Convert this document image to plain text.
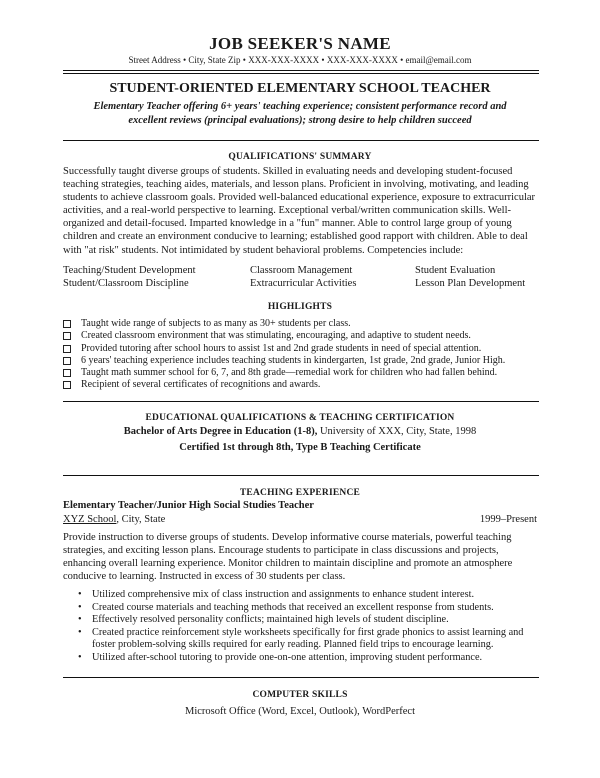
JOB SEEKER'S NAME
Street Address • City, State Zip • XXX-XXX-XXXX • XXX-XXX-XXXX • email@email.com
STUDENT-ORIENTED ELEMENTARY SCHOOL TEACHER
Elementary Teacher offering 6+ years' teaching experience; consistent performance record and excellent reviews (principal evaluations); strong desire to help children succeed
QUALIFICATIONS' SUMMARY

Successfully taught diverse groups of students. Skilled in evaluating needs and developing student-focused teaching strategies, teaching aides, materials, and lesson plans. Proficient in involving, motivating, and leading students to achieve classroom goals. Provided well-balanced educational experience, exposure to extracurricular activities, and a real-world perspective to learning. Exceptional verbal/written communication skills. Well-organized and detail-focused. Imparted knowledge in a "fun" manner. Able to control large group of young children and create an environment conducive to learning; established good rapport with children. Able to deal with "at risk" students. Not intimidated by student behavioral problems. Competencies include:

Teaching/Student Development	Classroom Management	Student Evaluation
Student/Classroom Discipline	Extracurricular Activities	Lesson Plan Development
HIGHLIGHTS
Taught wide range of subjects to as many as 30+ students per class.
Created classroom environment that was stimulating, encouraging, and adaptive to student needs.
Provided tutoring after school hours to assist 1st and 2nd grade students in need of special attention.
6 years' teaching experience includes teaching students in kindergarten, 1st grade, 2nd grade, Junior High.
Taught math summer school for 6, 7, and 8th grade—remedial work for children who had fallen behind.
Recipient of several certificates of recognitions and awards.
EDUCATIONAL QUALIFICATIONS & TEACHING CERTIFICATION
Bachelor of Arts Degree in Education (1-8), University of XXX, City, State, 1998
Certified 1st through 8th, Type B Teaching Certificate
TEACHING EXPERIENCE
Elementary Teacher/Junior High Social Studies Teacher
XYZ School, City, State	1999–Present

Provide instruction to diverse groups of students. Develop informative course materials, powerful teaching strategies, and exciting lesson plans. Encourage students to participate in class discussions and projects, enhancing overall learning experience. Monitor children to maintain discipline and promote an atmosphere conducive to learning. Instructed in excess of 30 students per class.

• Utilized comprehensive mix of class instruction and assignments to enhance student interest.
• Created course materials and teaching methods that received an excellent response from students.
• Effectively resolved personality conflicts; maintained high levels of student discipline.
• Created practice reinforcement style worksheets specifically for first grade phonics to assist learning and foster problem-solving skills required for early reading. Planned field trips to encourage learning.
• Utilized after-school tutoring to provide one-on-one attention, improving student performance.
COMPUTER SKILLS
Microsoft Office (Word, Excel, Outlook), WordPerfect
